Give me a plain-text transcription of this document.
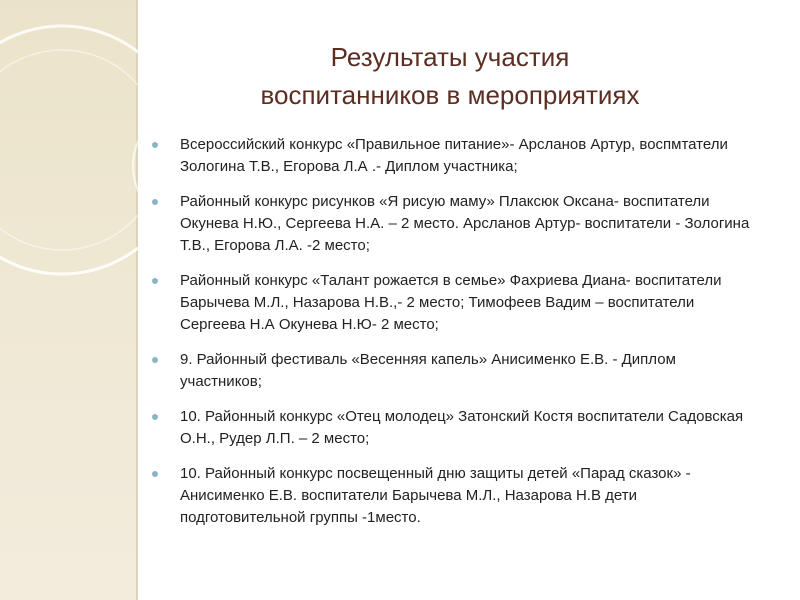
Результаты участия
воспитанников в мероприятиях
Всероссийский конкурс «Правильное питание»- Арсланов Артур, воспмтатели Зологина Т.В., Егорова Л.А .- Диплом участника;
Районный конкурс рисунков «Я рисую маму» Плаксюк Оксана- воспитатели Окунева Н.Ю., Сергеева Н.А. – 2 место. Арсланов Артур- воспитатели - Зологина Т.В., Егорова Л.А. -2 место;
Районный конкурс «Талант рожается в семье» Фахриева Диана- воспитатели Барычева М.Л., Назарова Н.В.,- 2 место; Тимофеев Вадим – воспитатели Сергеева Н.А Окунева Н.Ю- 2 место;
9. Районный фестиваль «Весенняя капель» Анисименко Е.В. - Диплом участников;
10. Районный конкурс «Отец молодец» Затонский Костя воспитатели Садовская О.Н., Рудер Л.П. – 2 место;
10. Районный конкурс посвещенный дню защиты детей «Парад сказок» - Анисименко Е.В. воспитатели Барычева М.Л., Назарова Н.В дети подготовительной группы -1место.
